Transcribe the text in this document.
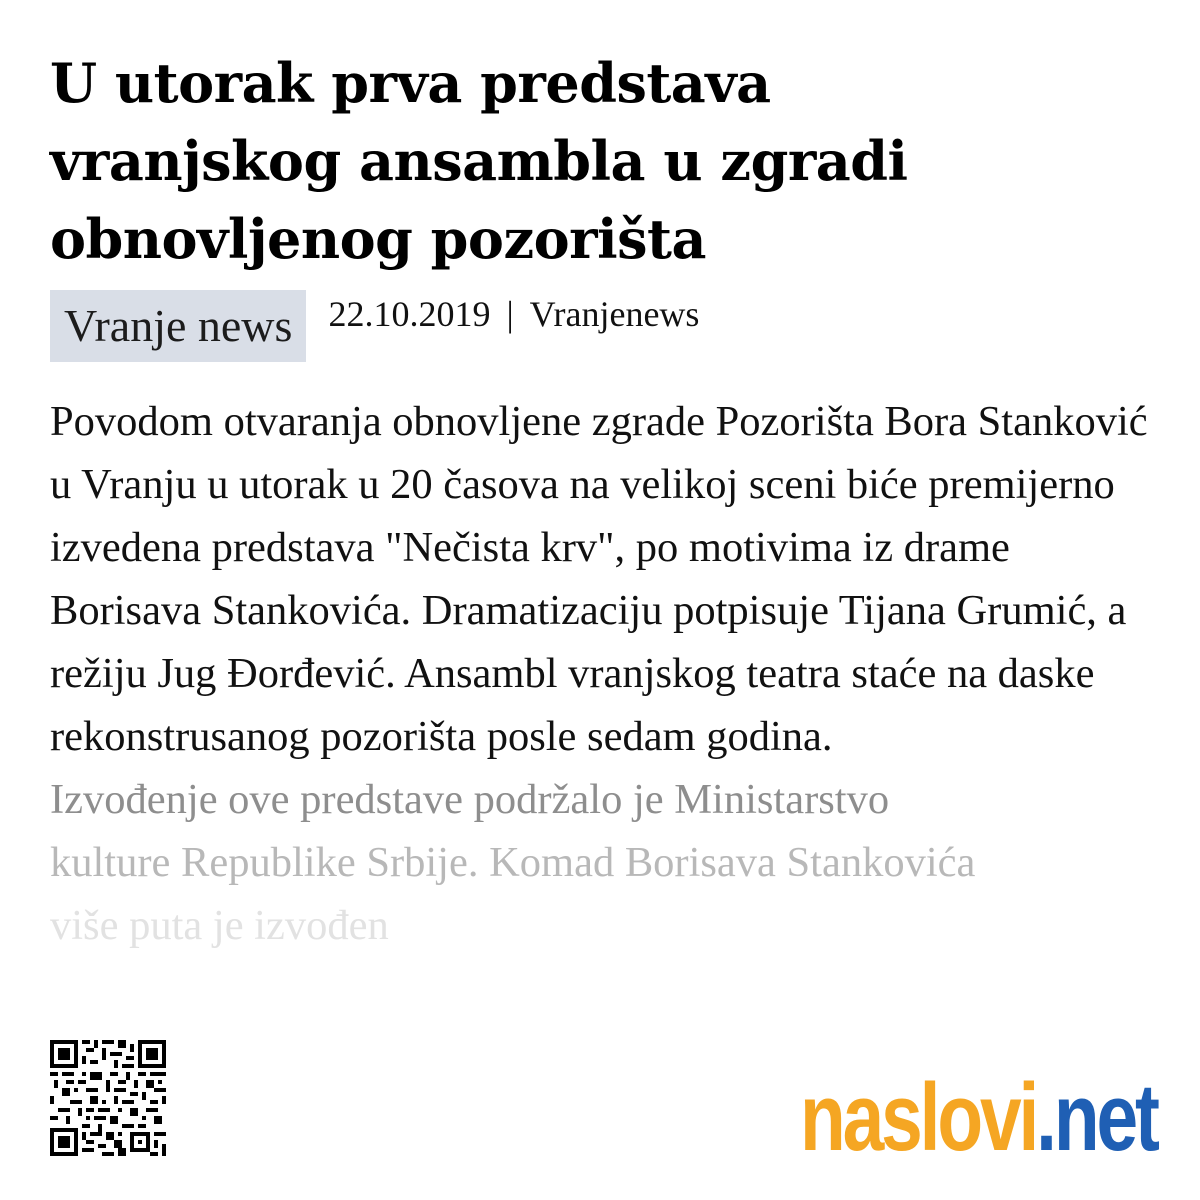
U utorak prva predstava vranjskog ansambla u zgradi obnovljenog pozorišta
Vranje news	22.10.2019 | Vranjenews

Povodom otvaranja obnovljene zgrade Pozorišta Bora Stanković u Vranju u utorak u 20 časova na velikoj sceni biće premijerno izvedena predstava "Nečista krv", po motivima iz drame Borisava Stankovića. Dramatizaciju potpisuje Tijana Grumić, a režiju Jug Đorđević. Ansambl vranjskog teatra staće na daske rekonstrusanog pozorišta posle sedam godina.

Izvođenje ove predstave podržalo je Ministarstvo
kulture Republike Srbije. Komad Borisava Stankovića
više puta je izvođen
naslovi.net
